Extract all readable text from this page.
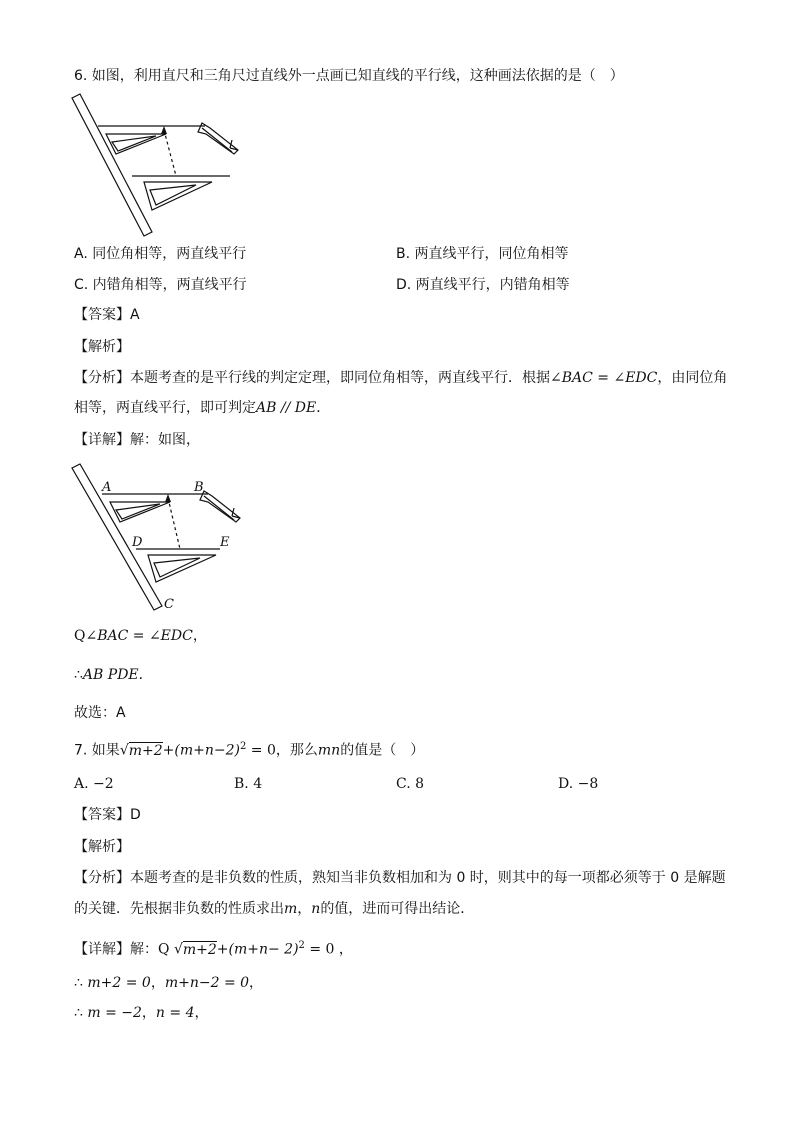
6. 如图，利用直尺和三角尺过直线外一点画已知直线的平行线，这种画法依据的是（　）
A. 同位角相等，两直线平行	B. 两直线平行，同位角相等
C. 内错角相等，两直线平行	D. 两直线平行，内错角相等
【答案】A
【解析】
【分析】本题考查的是平行线的判定定理，即同位角相等，两直线平行．根据∠BAC = ∠EDC，由同位角
相等，两直线平行，即可判定AB // DE．
【详解】解：如图，
A	B
D	E
C
Q∠BAC = ∠EDC，
∴AB PDE．
故选：A
7. 如果$√m+2+(m+n-2)^2 = 0$，那么mn的值是（　）
A. −2	B. 4	C. 8	D. −8
【答案】D
【解析】
【分析】本题考查的是非负数的性质，熟知当非负数相加和为 0 时，则其中的每一项都必须等于 0 是解题
的关键．先根据非负数的性质求出m，n的值，进而可得出结论．
【详解】解：Q $√m+2+(m+n- 2)^2 = 0$ ，
∴ m+2 = 0，m+n−2 = 0，
∴ m = −2，n = 4，
